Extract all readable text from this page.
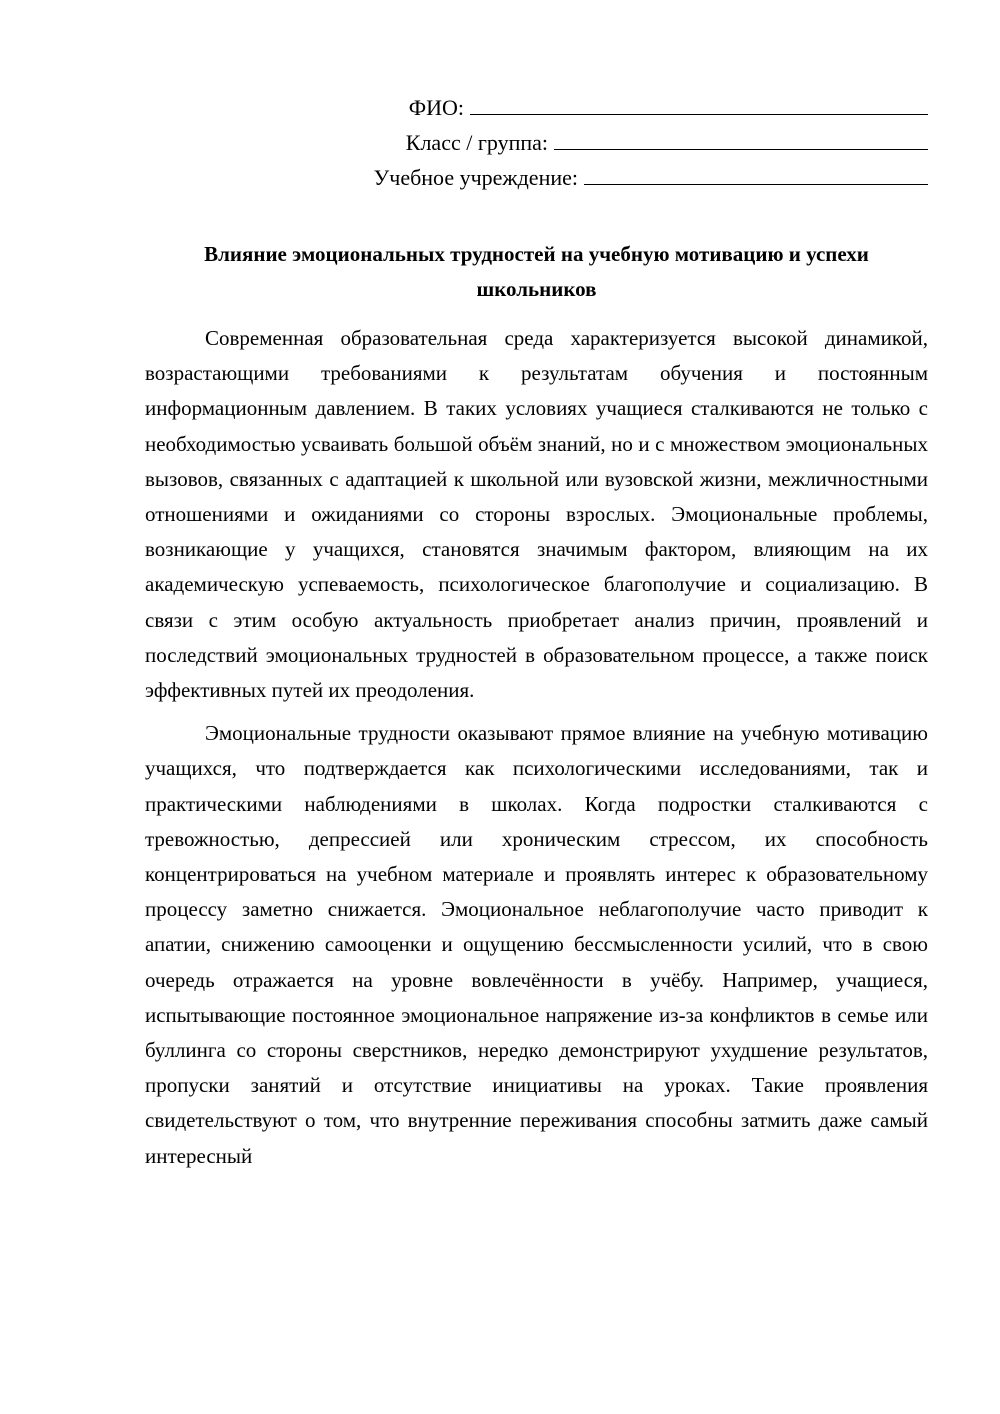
ФИО:
Класс / группа:
Учебное учреждение:
Влияние эмоциональных трудностей на учебную мотивацию и успехи школьников

Современная образовательная среда характеризуется высокой динамикой, возрастающими требованиями к результатам обучения и постоянным информационным давлением. В таких условиях учащиеся сталкиваются не только с необходимостью усваивать большой объём знаний, но и с множеством эмоциональных вызовов, связанных с адаптацией к школьной или вузовской жизни, межличностными отношениями и ожиданиями со стороны взрослых. Эмоциональные проблемы, возникающие у учащихся, становятся значимым фактором, влияющим на их академическую успеваемость, психологическое благополучие и социализацию. В связи с этим особую актуальность приобретает анализ причин, проявлений и последствий эмоциональных трудностей в образовательном процессе, а также поиск эффективных путей их преодоления.

Эмоциональные трудности оказывают прямое влияние на учебную мотивацию учащихся, что подтверждается как психологическими исследованиями, так и практическими наблюдениями в школах. Когда подростки сталкиваются с тревожностью, депрессией или хроническим стрессом, их способность концентрироваться на учебном материале и проявлять интерес к образовательному процессу заметно снижается. Эмоциональное неблагополучие часто приводит к апатии, снижению самооценки и ощущению бессмысленности усилий, что в свою очередь отражается на уровне вовлечённости в учёбу. Например, учащиеся, испытывающие постоянное эмоциональное напряжение из-за конфликтов в семье или буллинга со стороны сверстников, нередко демонстрируют ухудшение результатов, пропуски занятий и отсутствие инициативы на уроках. Такие проявления свидетельствуют о том, что внутренние переживания способны затмить даже самый интересный
